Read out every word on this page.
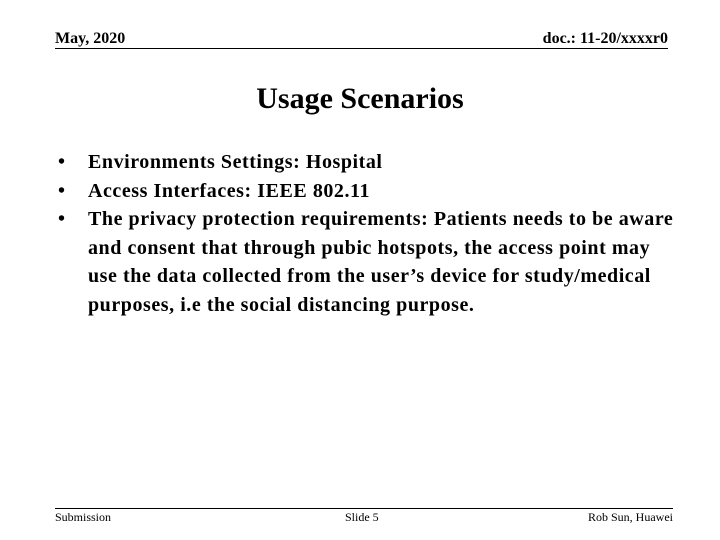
May, 2020	doc.: 11-20/xxxxr0
Usage Scenarios
• Environments Settings: Hospital
• Access Interfaces: IEEE 802.11
• The privacy protection requirements: Patients needs to be aware and consent that through pubic hotspots, the access point may use the data collected from the user’s device for study/medical purposes, i.e the social distancing purpose.
Submission	Slide 5	Rob Sun, Huawei
